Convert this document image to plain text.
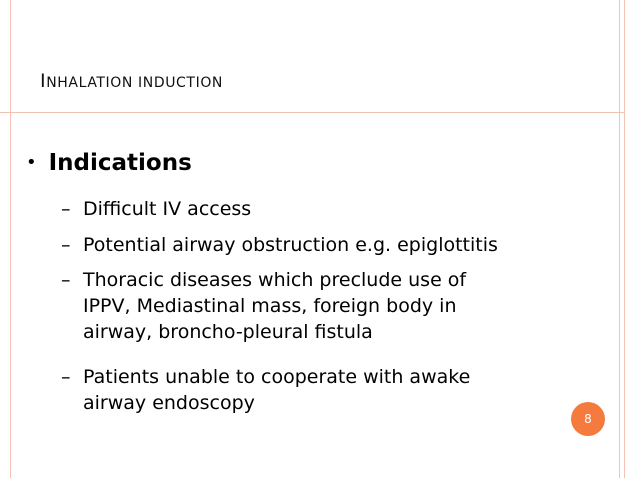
INHALATION INDUCTION
• Indications
– Difficult IV access
– Potential airway obstruction e.g. epiglottitis
– Thoracic diseases which preclude use of
IPPV, Mediastinal mass, foreign body in
airway, broncho-pleural fistula
– Patients unable to cooperate with awake
airway endoscopy
8
